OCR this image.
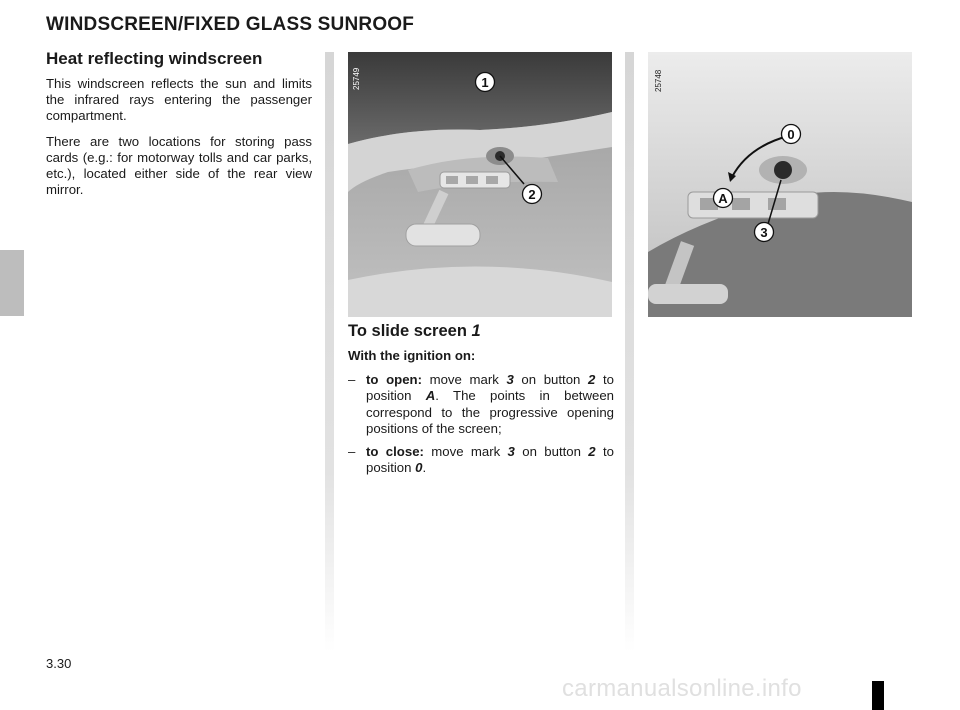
WINDSCREEN/FIXED GLASS SUNROOF
Heat reflecting windscreen

This windscreen reflects the sun and limits the infrared rays entering the passenger compartment.

There are two locations for storing pass cards (e.g.: for motorway tolls and car parks, etc.), located either side of the rear view mirror.

1
2
25749
0
A
3
25748
To slide screen 1

With the ignition on:

– to open: move mark 3 on button 2 to position A. The points in between correspond to the progressive opening positions of the screen;
– to close: move mark 3 on button 2 to position 0.
3.30
carmanualsonline.info
